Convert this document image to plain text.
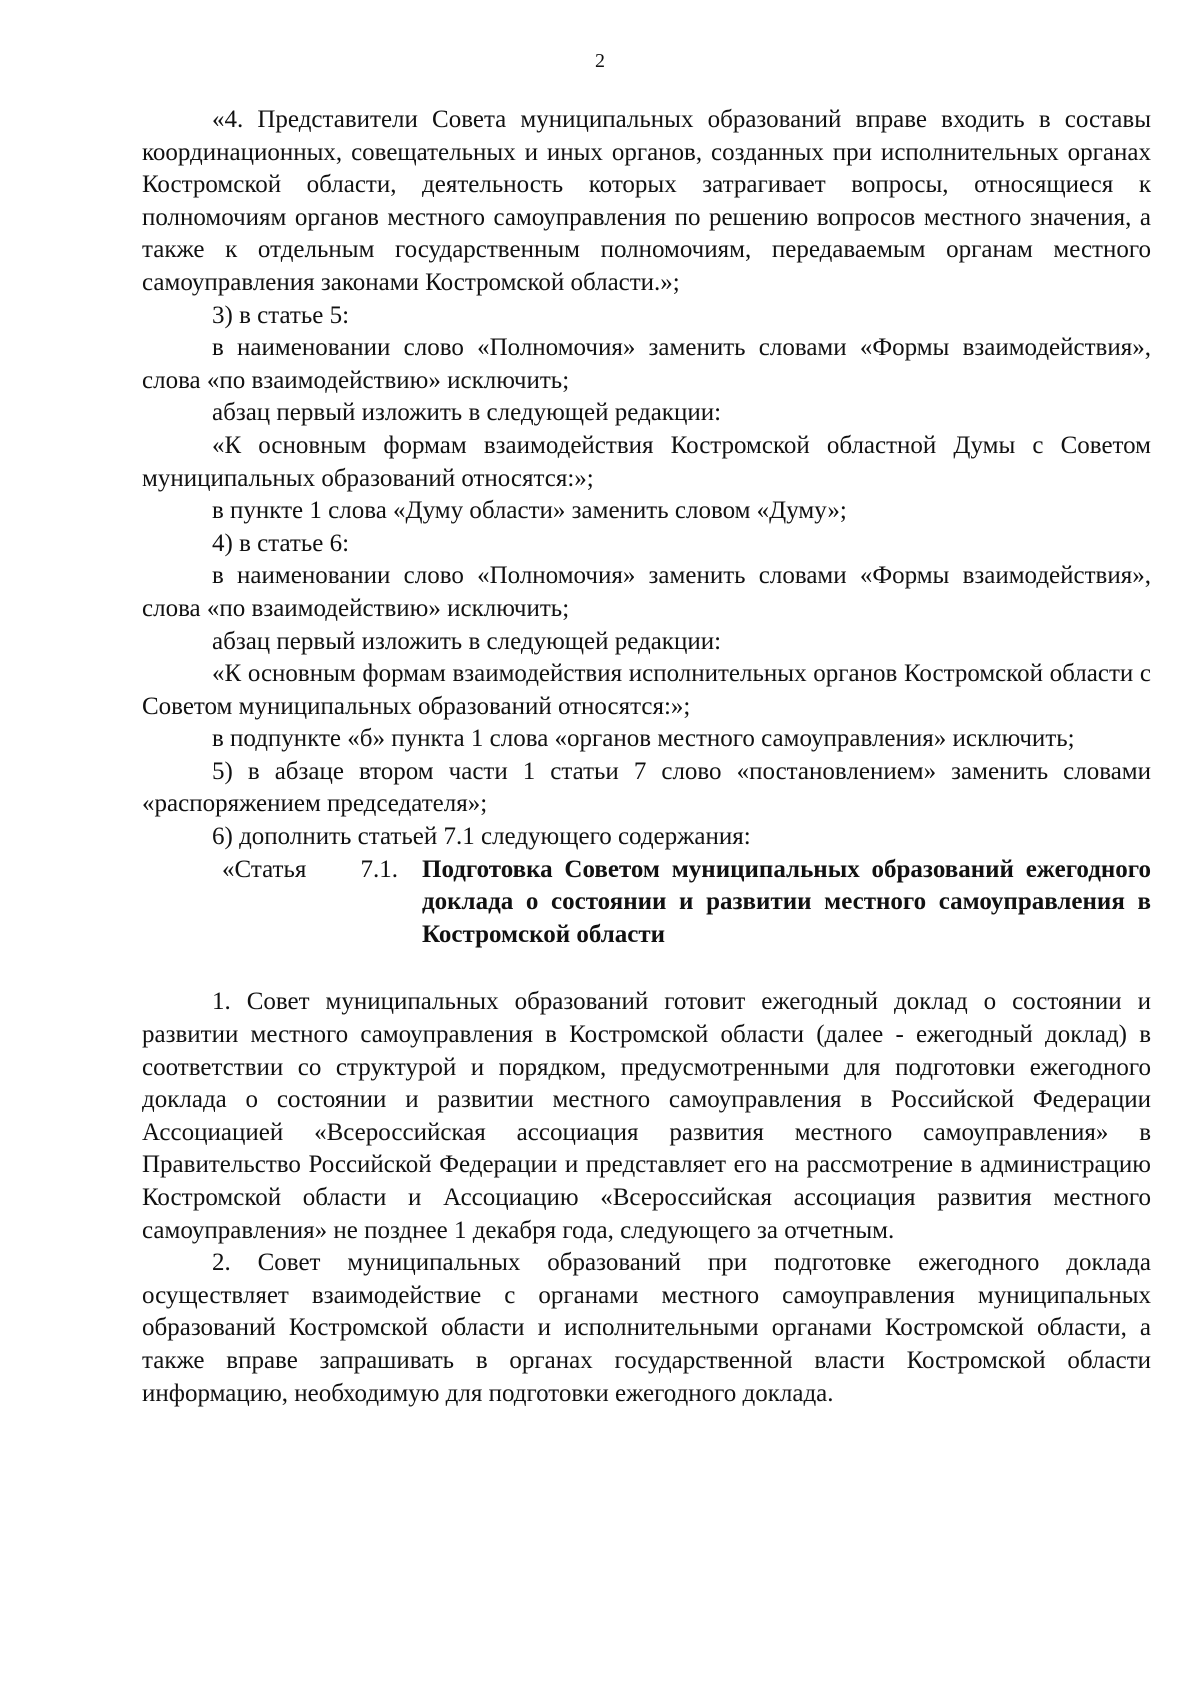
2

«4. Представители Совета муниципальных образований вправе входить в составы координационных, совещательных и иных органов, созданных при исполнительных органах Костромской области, деятельность которых затрагивает вопросы, относящиеся к полномочиям органов местного самоуправления по решению вопросов местного значения, а также к отдельным государственным полномочиям, передаваемым органам местного самоуправления законами Костромской области.»;

3) в статье 5:

в наименовании слово «Полномочия» заменить словами «Формы взаимодействия», слова «по взаимодействию» исключить;

абзац первый изложить в следующей редакции:

«К основным формам взаимодействия Костромской областной Думы с Советом муниципальных образований относятся:»;

в пункте 1 слова «Думу области» заменить словом «Думу»;

4) в статье 6:

в наименовании слово «Полномочия» заменить словами «Формы взаимодействия», слова «по взаимодействию» исключить;

абзац первый изложить в следующей редакции:

«К основным формам взаимодействия исполнительных органов Костромской области с Советом муниципальных образований относятся:»;

в подпункте «б» пункта 1 слова «органов местного самоуправления» исключить;

5) в абзаце втором части 1 статьи 7 слово «постановлением» заменить словами «распоряжением председателя»;

6) дополнить статьей 7.1 следующего содержания:

«Статья 7.1. Подготовка Советом муниципальных образований ежегодного доклада о состоянии и развитии местного самоуправления в Костромской области

1. Совет муниципальных образований готовит ежегодный доклад о состоянии и развитии местного самоуправления в Костромской области (далее - ежегодный доклад) в соответствии со структурой и порядком, предусмотренными для подготовки ежегодного доклада о состоянии и развитии местного самоуправления в Российской Федерации Ассоциацией «Всероссийская ассоциация развития местного самоуправления» в Правительство Российской Федерации и представляет его на рассмотрение в администрацию Костромской области и Ассоциацию «Всероссийская ассоциация развития местного самоуправления» не позднее 1 декабря года, следующего за отчетным.

2. Совет муниципальных образований при подготовке ежегодного доклада осуществляет взаимодействие с органами местного самоуправления муниципальных образований Костромской области и исполнительными органами Костромской области, а также вправе запрашивать в органах государственной власти Костромской области информацию, необходимую для подготовки ежегодного доклада.
